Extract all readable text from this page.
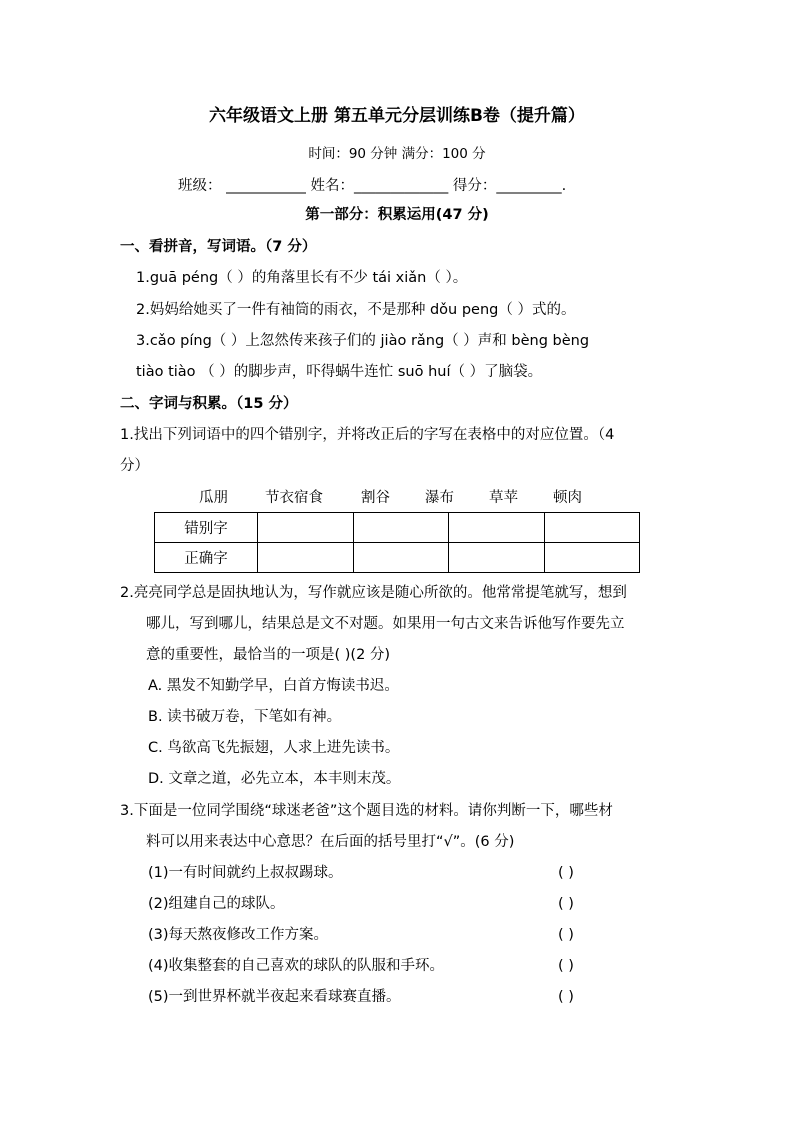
六年级语文上册 第五单元分层训练B卷（提升篇）
时间：90 分钟 满分：100 分
班级： ___________ 姓名：_____________ 得分：_________.
第一部分：积累运用(47 分)
一、看拼音，写词语。（7 分）
1.guā péng（ ）的角落里长有不少 tái xiǎn（ ）。
2.妈妈给她买了一件有袖筒的雨衣，不是那种 dǒu peng（ ）式的。
3.cǎo píng（ ）上忽然传来孩子们的 jiào rǎng（ ）声和 bèng bèng
tiào tiào （ ）的脚步声，吓得蜗牛连忙 suō huí（ ）了脑袋。
二、字词与积累。（15 分）
1.找出下列词语中的四个错别字，并将改正后的字写在表格中的对应位置。（4
分）
瓜朋	节衣宿食	割谷 瀑布 草苹 顿肉
错别字				
正确字				
2.亮亮同学总是固执地认为，写作就应该是随心所欲的。他常常提笔就写，想到
哪儿，写到哪儿，结果总是文不对题。如果用一句古文来告诉他写作要先立
意的重要性，最恰当的一项是( )(2 分)
A. 黑发不知勤学早，白首方悔读书迟。
B. 读书破万卷，下笔如有神。
C. 鸟欲高飞先振翅，人求上进先读书。
D. 文章之道，必先立本，本丰则末茂。
3.下面是一位同学围绕“球迷老爸”这个题目选的材料。请你判断一下，哪些材
料可以用来表达中心意思？在后面的括号里打“√”。(6 分)
(1)一有时间就约上叔叔踢球。	( )
(2)组建自己的球队。	( )
(3)每天熬夜修改工作方案。	( )
(4)收集整套的自己喜欢的球队的队服和手环。	( )
(5)一到世界杯就半夜起来看球赛直播。	( )
